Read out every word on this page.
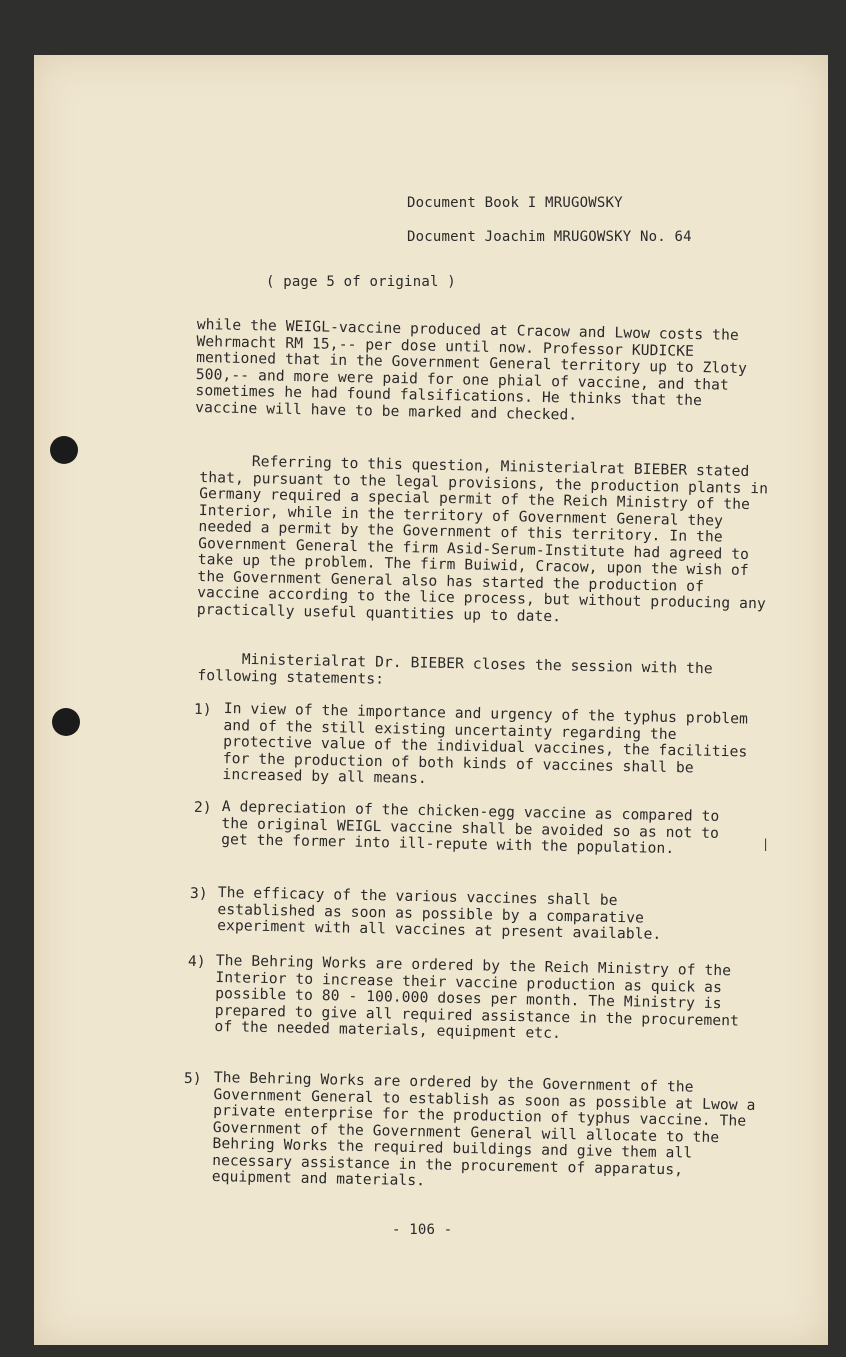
Document Book I MRUGOWSKY
Document Joachim MRUGOWSKY No. 64
( page 5 of original )

while the WEIGL-vaccine produced at Cracow and Lwow costs the Wehrmacht RM 15,-- per dose until now. Professor KUDICKE mentioned that in the Government General territory up to Zloty 500,-- and more were paid for one phial of vaccine, and that sometimes he had found falsifications. He thinks that the vaccine will have to be marked and checked.

Referring to this question, Ministerialrat BIEBER stated that, pursuant to the legal provisions, the production plants in Germany required a special permit of the Reich Ministry of the Interior, while in the territory of Government General they needed a permit by the Government of this territory. In the Government General the firm Asid-Serum-Institute had agreed to take up the problem. The firm Buiwid, Cracow, upon the wish of the Government General also has started the production of vaccine according to the lice process, but without producing any practically useful quantities up to date.

Ministerialrat Dr. BIEBER closes the session with the following statements:

1) In view of the importance and urgency of the typhus problem and of the still existing uncertainty regarding the protective value of the individual vaccines, the facilities for the production of both kinds of vaccines shall be increased by all means.
2) A depreciation of the chicken-egg vaccine as compared to the original WEIGL vaccine shall be avoided so as not to get the former into ill-repute with the population.
3) The efficacy of the various vaccines shall be established as soon as possible by a comparative experiment with all vaccines at present available.
4) The Behring Works are ordered by the Reich Ministry of the Interior to increase their vaccine production as quick as possible to 80 - 100.000 doses per month. The Ministry is prepared to give all required assistance in the procurement of the needed materials, equipment etc.
5) The Behring Works are ordered by the Government of the Government General to establish as soon as possible at Lwow a private enterprise for the production of typhus vaccine. The Government of the Government General will allocate to the Behring Works the required buildings and give them all necessary assistance in the procurement of apparatus, equipment and materials.
|
- 106 -
